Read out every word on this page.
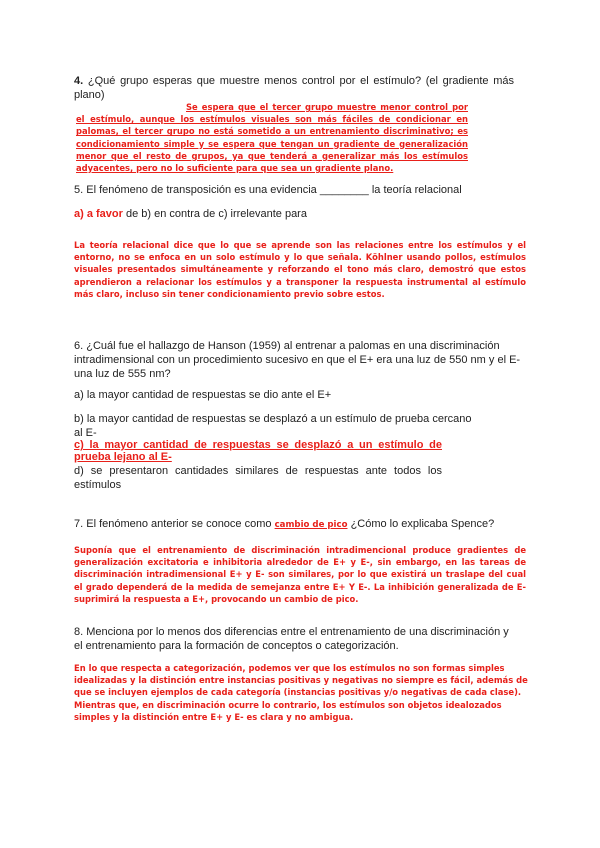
4. ¿Qué grupo esperas que muestre menos control por el estímulo? (el gradiente más plano)
Se espera que el tercer grupo muestre menor control por el estímulo, aunque los estímulos visuales son más fáciles de condicionar en palomas, el tercer grupo no está sometido a un entrenamiento discriminativo; es condicionamiento simple y se espera que tengan un gradiente de generalización menor que el resto de grupos, ya que tenderá a generalizar más los estímulos adyacentes, pero no lo suficiente para que sea un gradiente plano.
5. El fenómeno de transposición es una evidencia ________ la teoría relacional
a) a favor de b) en contra de c) irrelevante para
La teoría relacional dice que lo que se aprende son las relaciones entre los estímulos y el entorno, no se enfoca en un solo estímulo y lo que señala. Köhlner usando pollos, estímulos visuales presentados simultáneamente y reforzando el tono más claro, demostró que estos aprendieron a relacionar los estímulos y a transponer la respuesta instrumental al estímulo más claro, incluso sin tener condicionamiento previo sobre estos.
6. ¿Cuál fue el hallazgo de Hanson (1959) al entrenar a palomas en una discriminación intradimensional con un procedimiento sucesivo en que el E+ era una luz de 550 nm y el E- una luz de 555 nm?
a) la mayor cantidad de respuestas se dio ante el E+
b) la mayor cantidad de respuestas se desplazó a un estímulo de prueba cercano al E-
c) la mayor cantidad de respuestas se desplazó a un estímulo de prueba lejano al E-
d) se presentaron cantidades similares de respuestas ante todos los estímulos
7. El fenómeno anterior se conoce como cambio de pico ¿Cómo lo explicaba Spence?
Suponía que el entrenamiento de discriminación intradimencional produce gradientes de generalización excitatoria e inhibitoria alrededor de E+ y E-, sin embargo, en las tareas de discriminación intradimensional E+ y E- son similares, por lo que existirá un traslape del cual el grado dependerá de la medida de semejanza entre E+ Y E-. La inhibición generalizada de E- suprimirá la respuesta a E+, provocando un cambio de pico.
8. Menciona por lo menos dos diferencias entre el entrenamiento de una discriminación y el entrenamiento para la formación de conceptos o categorización.
En lo que respecta a categorización, podemos ver que los estímulos no son formas simples
idealizadas y la distinción entre instancias positivas y negativas no siempre es fácil, además de
que se incluyen ejemplos de cada categoría (instancias positivas y/o negativas de cada clase).
Mientras que, en discriminación ocurre lo contrario, los estímulos son objetos idealozados
simples y la distinción entre E+ y E- es clara y no ambigua.
